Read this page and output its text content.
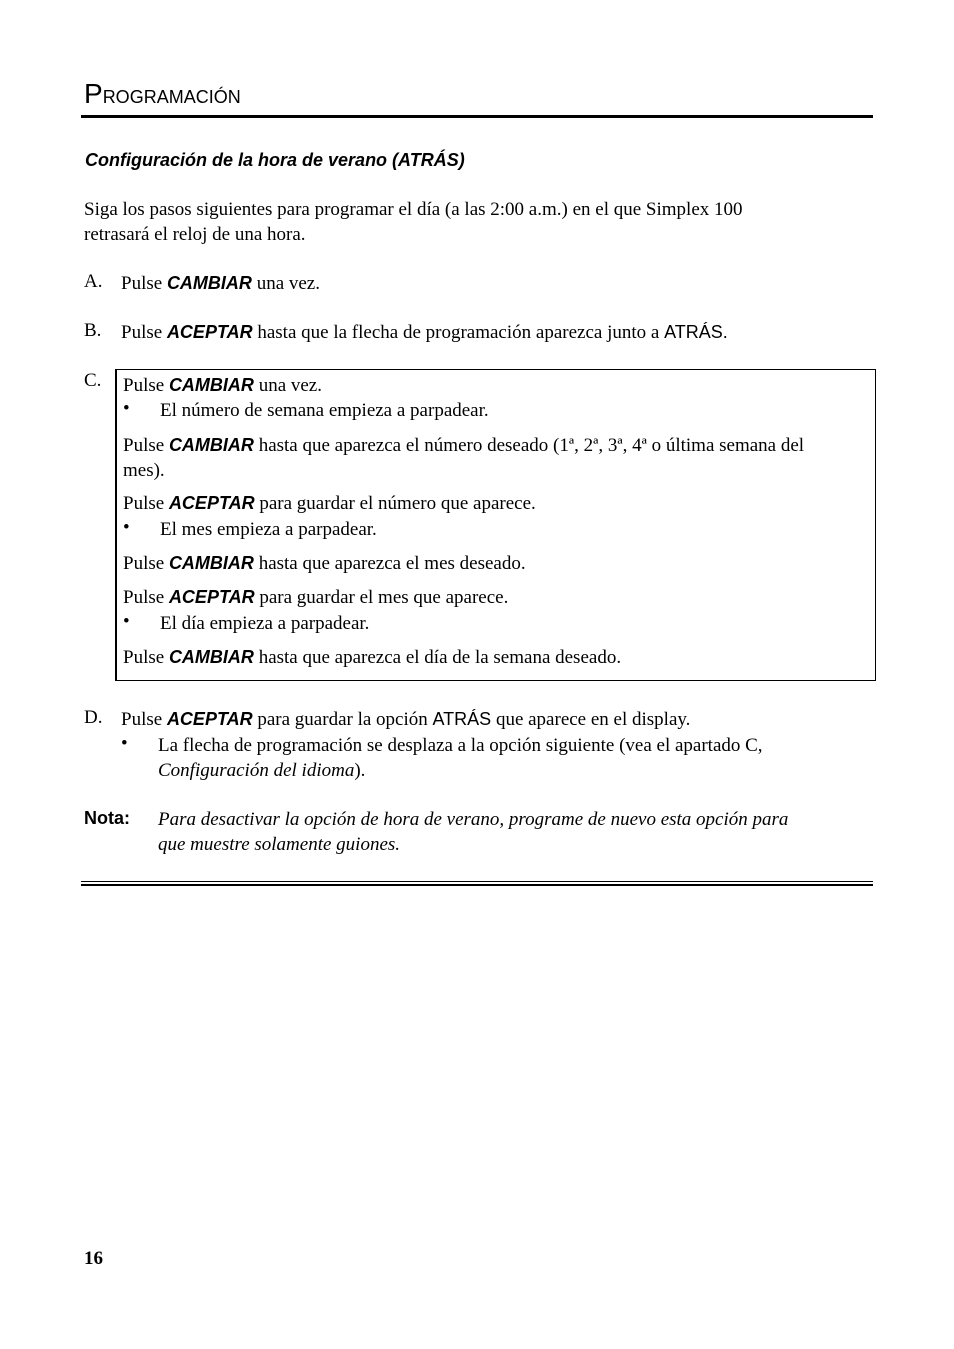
PROGRAMACIÓN
Configuración de la hora de verano (ATRÁS)
Siga los pasos siguientes para programar el día (a las 2:00 a.m.) en el que Simplex 100
retrasará el reloj de una hora.
A. Pulse CAMBIAR una vez.
B. Pulse ACEPTAR hasta que la flecha de programación aparezca junto a ATRÁS.
C. Pulse CAMBIAR una vez.
• El número de semana empieza a parpadear.
Pulse CAMBIAR hasta que aparezca el número deseado (1ª, 2ª, 3ª, 4ª o última semana del
mes).
Pulse ACEPTAR para guardar el número que aparece.
• El mes empieza a parpadear.
Pulse CAMBIAR hasta que aparezca el mes deseado.
Pulse ACEPTAR para guardar el mes que aparece.
• El día empieza a parpadear.
Pulse CAMBIAR hasta que aparezca el día de la semana deseado.
D. Pulse ACEPTAR para guardar la opción ATRÁS que aparece en el display.
• La flecha de programación se desplaza a la opción siguiente (vea el apartado C,
Configuración del idioma).
Nota: Para desactivar la opción de hora de verano, programe de nuevo esta opción para
que muestre solamente guiones.
16
